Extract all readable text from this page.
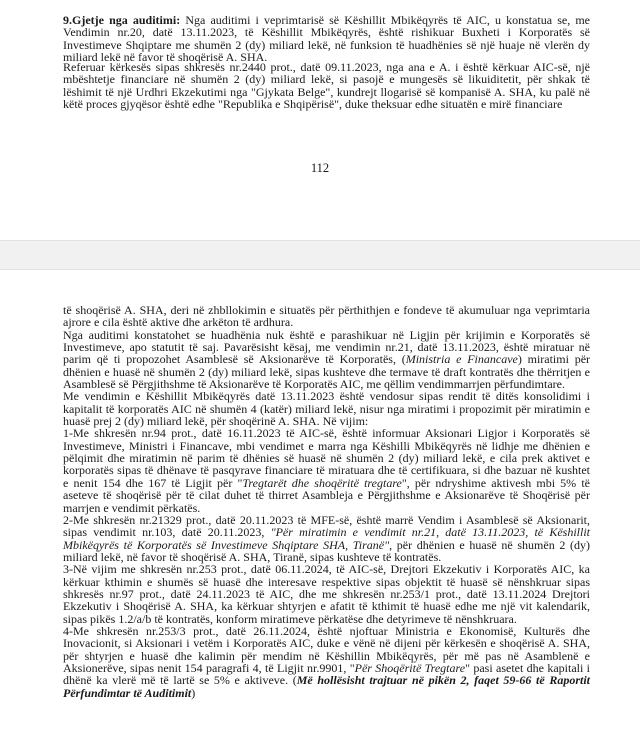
9.Gjetje nga auditimi: Nga auditimi i veprimtarisë së Këshillit Mbikëqyrës të AIC, u konstatua se, me Vendimin nr.20, datë 13.11.2023, të Këshillit Mbikëqyrës, është rishikuar Buxheti i Korporatës së Investimeve Shqiptare me shumën 2 (dy) miliard lekë, në funksion të huadhënies së një huaje në vlerën dy miliard lekë në favor të shoqërisë A. SHA.
Referuar kërkesës sipas shkresës nr.2440 prot., datë 09.11.2023, nga ana e A. i është kërkuar AIC-së, një mbështetje financiare në shumën 2 (dy) miliard lekë, si pasojë e mungesës së likuiditetit, për shkak të lëshimit të një Urdhri Ekzekutimi nga "Gjykata Belge", kundrejt llogarisë së kompanisë A. SHA, ku palë në këtë proces gjyqësor është edhe "Republika e Shqipërisë", duke theksuar edhe situatën e mirë financiare
112
të shoqërisë A. SHA, deri në zhbllokimin e situatës për përthithjen e fondeve të akumuluar nga veprimtaria ajrore e cila është aktive dhe arkëton të ardhura.
Nga auditimi konstatohet se huadhënia nuk është e parashikuar në Ligjin për krijimin e Korporatës së Investimeve, apo statutit të saj. Pavarësisht kësaj, me vendimin nr.21, datë 13.11.2023, është miratuar në parim që ti propozohet Asamblesë së Aksionarëve të Korporatës, (Ministria e Financave) miratimi për dhënien e huasë në shumën 2 (dy) miliard lekë, sipas kushteve dhe termave të draft kontratës dhe thërritjen e Asamblesë së Përgjithshme të Aksionarëve të Korporatës AIC, me qëllim vendimmarrjen përfundimtare.
Me vendimin e Këshillit Mbikëqyrës datë 13.11.2023 është vendosur sipas rendit të ditës konsolidimi i kapitalit të korporatës AIC në shumën 4 (katër) miliard lekë, nisur nga miratimi i propozimit për miratimin e huasë prej 2 (dy) miliard lekë, për shoqërinë A. SHA. Në vijim:
1-Me shkresën nr.94 prot., datë 16.11.2023 të AIC-së, është informuar Aksionari Ligjor i Korporatës së Investimeve, Ministri i Financave, mbi vendimet e marra nga Këshilli Mbikëqyrës në lidhje me dhënien e pëlqimit dhe miratimin në parim të dhënies së huasë në shumën 2 (dy) miliard lekë, e cila prek aktivet e korporatës sipas të dhënave të pasqyrave financiare të miratuara dhe të certifikuara, si dhe bazuar në kushtet e nenit 154 dhe 167 të Ligjit për "Tregtarët dhe shoqëritë tregtare", për ndryshime aktivesh mbi 5% të aseteve të shoqërisë për të cilat duhet të thirret Asambleja e Përgjithshme e Aksionarëve të Shoqërisë për marrjen e vendimit përkatës.
2-Me shkresën nr.21329 prot., datë 20.11.2023 të MFE-së, është marrë Vendim i Asamblesë së Aksionarit, sipas vendimit nr.103, datë 20.11.2023, "Për miratimin e vendimit nr.21, datë 13.11.2023, të Këshillit Mbikëqyrës të Korporatës së Investimeve Shqiptare SHA, Tiranë", për dhënien e huasë në shumën 2 (dy) miliard lekë, në favor të shoqërisë A. SHA, Tiranë, sipas kushteve të kontratës.
3-Në vijim me shkresën nr.253 prot., datë 06.11.2024, të AIC-së, Drejtori Ekzekutiv i Korporatës AIC, ka kërkuar kthimin e shumës së huasë dhe interesave respektive sipas objektit të huasë së nënshkruar sipas shkresës nr.97 prot., datë 24.11.2023 të AIC, dhe me shkresën nr.253/1 prot., datë 13.11.2024 Drejtori Ekzekutiv i Shoqërisë A. SHA, ka kërkuar shtyrjen e afatit të kthimit të huasë edhe me një vit kalendarik, sipas pikës 1.2/a/b të kontratës, konform miratimeve përkatëse dhe detyrimeve të nënshkruara.
4-Me shkresën nr.253/3 prot., datë 26.11.2024, është njoftuar Ministria e Ekonomisë, Kulturës dhe Inovacionit, si Aksionari i vetëm i Korporatës AIC, duke e vënë në dijeni për kërkesën e shoqërisë A. SHA, për shtyrjen e huasë dhe kalimin për mendim në Këshillin Mbikëqyrës, për më pas në Asamblenë e Aksionerëve, sipas nenit 154 paragrafi 4, të Ligjit nr.9901, "Për Shoqëritë Tregtare" pasi asetet dhe kapitali i dhënë ka vlerë më të lartë se 5% e aktiveve. (Më hollësisht trajtuar në pikën 2, faqet 59-66 të Raportit Përfundimtar të Auditimit)
